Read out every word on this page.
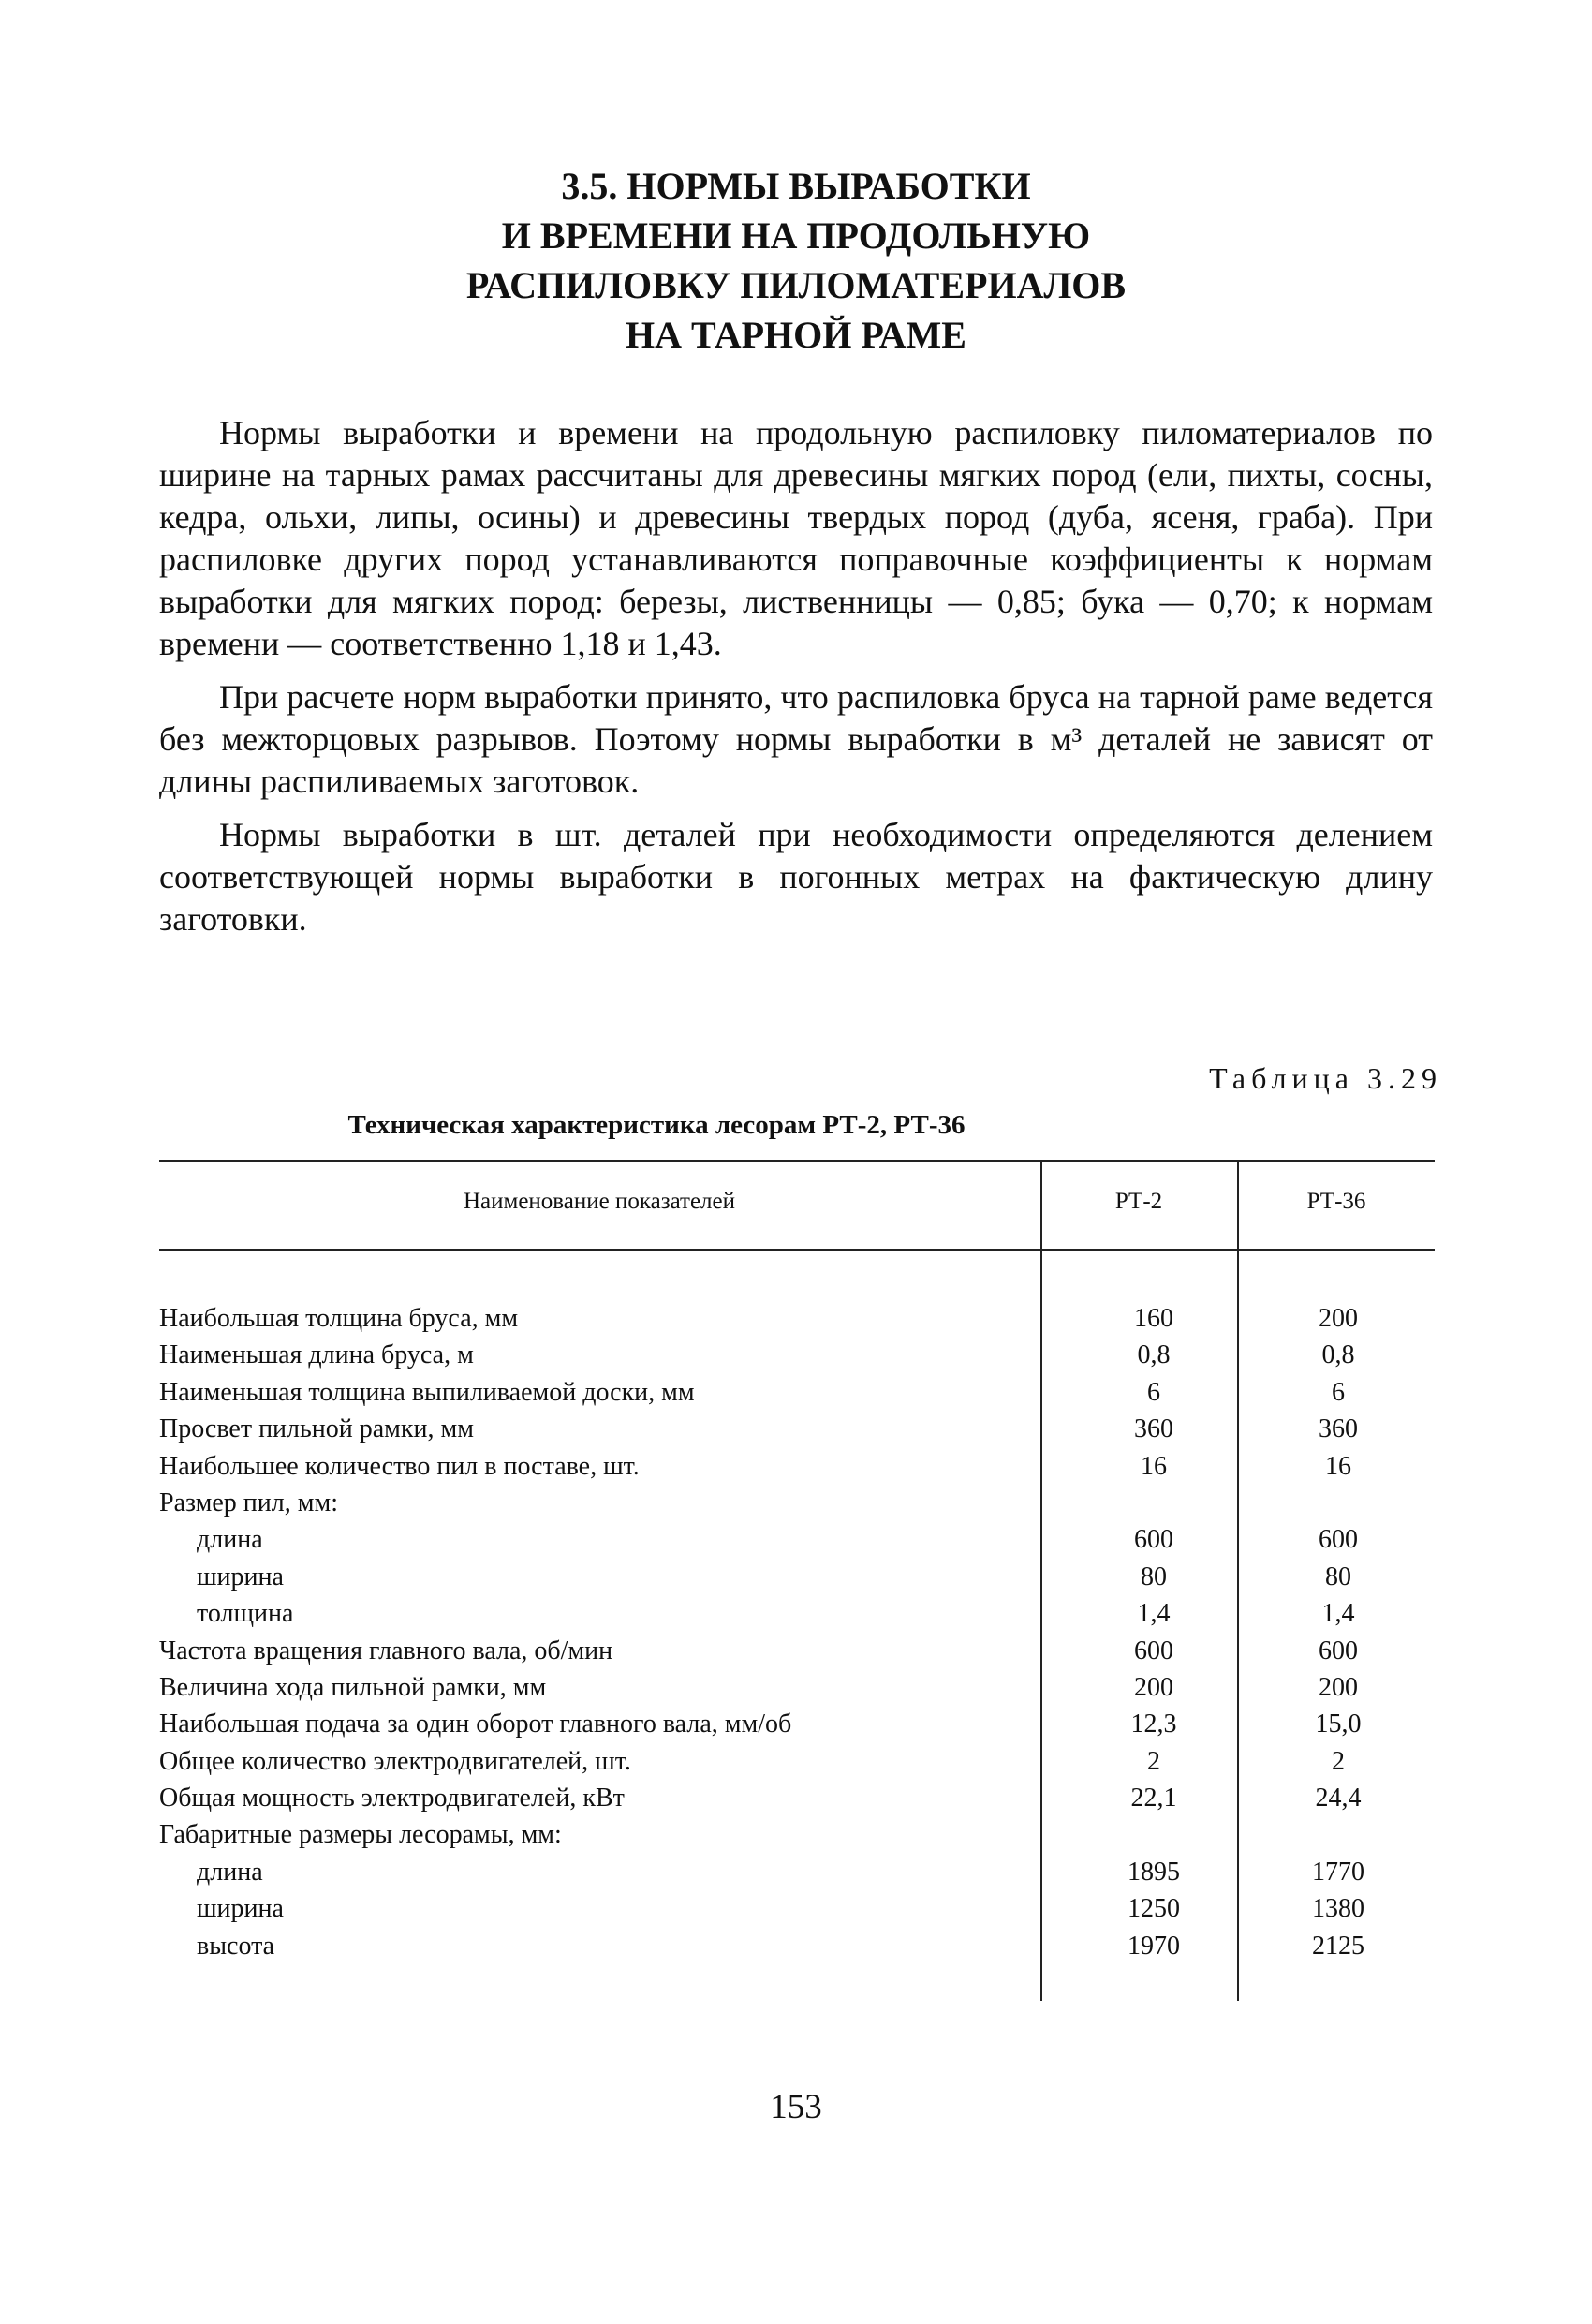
3.5. НОРМЫ ВЫРАБОТКИ
И ВРЕМЕНИ НА ПРОДОЛЬНУЮ
РАСПИЛОВКУ ПИЛОМАТЕРИАЛОВ
НА ТАРНОЙ РАМЕ

Нормы выработки и времени на продольную распиловку пиломатериалов по ширине на тарных рамах рассчитаны для древесины мягких пород (ели, пихты, сосны, кедра, ольхи, липы, осины) и древесины твердых пород (дуба, ясеня, граба). При распиловке других пород устанавливаются поправочные коэффициенты к нормам выработки для мягких пород: березы, лиственницы — 0,85; бука — 0,70; к нормам времени — соответственно 1,18 и 1,43.

При расчете норм выработки принято, что распиловка бруса на тарной раме ведется без межторцовых разрывов. Поэтому нормы выработки в м³ деталей не зависят от длины распиливаемых заготовок.

Нормы выработки в шт. деталей при необходимости определяются делением соответствующей нормы выработки в погонных метрах на фактическую длину заготовки.

Таблица 3.29
Техническая характеристика лесорам РТ-2, РТ-36
Наименование показателей	РТ-2	РТ-36
Наибольшая толщина бруса, мм	160	200
Наименьшая длина бруса, м	0,8	0,8
Наименьшая толщина выпиливаемой доски, мм	6	6
Просвет пильной рамки, мм	360	360
Наибольшее количество пил в поставе, шт.	16	16
Размер пил, мм:
длина	600	600
ширина	80	80
толщина	1,4	1,4
Частота вращения главного вала, об/мин	600	600
Величина хода пильной рамки, мм	200	200
Наибольшая подача за один оборот главного вала, мм/об	12,3	15,0
Общее количество электродвигателей, шт.	2	2
Общая мощность электродвигателей, кВт	22,1	24,4
Габаритные размеры лесорамы, мм:
длина	1895	1770
ширина	1250	1380
высота	1970	2125
153
